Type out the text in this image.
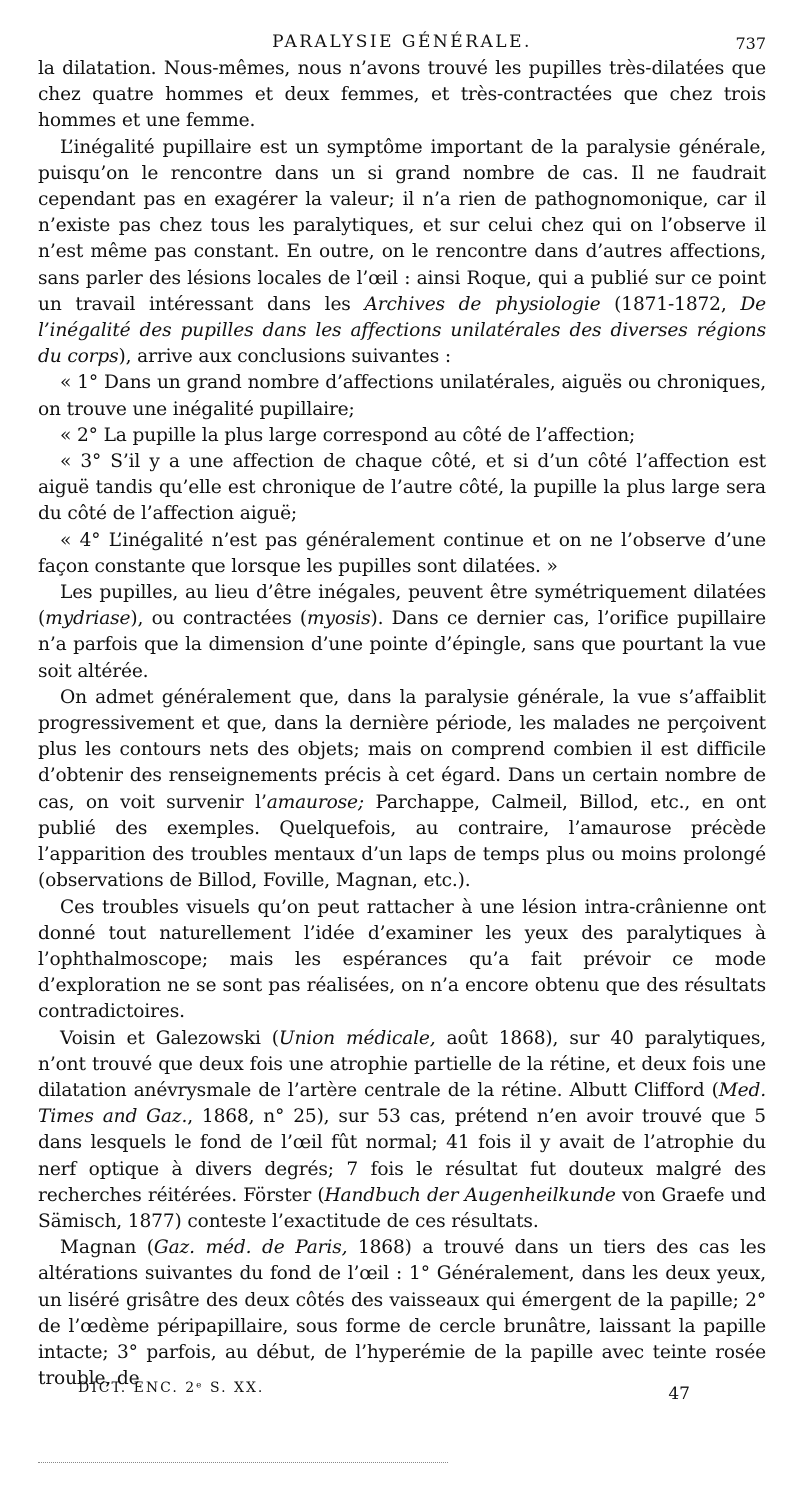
PARALYSIE GÉNÉRALE.	737

la dilatation. Nous-mêmes, nous n’avons trouvé les pupilles très-dilatées que chez quatre hommes et deux femmes, et très-contractées que chez trois hommes et une femme.

L’inégalité pupillaire est un symptôme important de la paralysie générale, puisqu’on le rencontre dans un si grand nombre de cas. Il ne faudrait cependant pas en exagérer la valeur; il n’a rien de pathognomonique, car il n’existe pas chez tous les paralytiques, et sur celui chez qui on l’observe il n’est même pas constant. En outre, on le rencontre dans d’autres affections, sans parler des lésions locales de l’œil : ainsi Roque, qui a publié sur ce point un travail intéressant dans les Archives de physiologie (1871-1872, De l’inégalité des pupilles dans les affections unilatérales des diverses régions du corps), arrive aux conclusions suivantes :

« 1° Dans un grand nombre d’affections unilatérales, aiguës ou chroniques, on trouve une inégalité pupillaire;

« 2° La pupille la plus large correspond au côté de l’affection;

« 3° S’il y a une affection de chaque côté, et si d’un côté l’affection est aiguë tandis qu’elle est chronique de l’autre côté, la pupille la plus large sera du côté de l’affection aiguë;

« 4° L’inégalité n’est pas généralement continue et on ne l’observe d’une façon constante que lorsque les pupilles sont dilatées. »

Les pupilles, au lieu d’être inégales, peuvent être symétriquement dilatées (mydriase), ou contractées (myosis). Dans ce dernier cas, l’orifice pupillaire n’a parfois que la dimension d’une pointe d’épingle, sans que pourtant la vue soit altérée.

On admet généralement que, dans la paralysie générale, la vue s’affaiblit progressivement et que, dans la dernière période, les malades ne perçoivent plus les contours nets des objets; mais on comprend combien il est difficile d’obtenir des renseignements précis à cet égard. Dans un certain nombre de cas, on voit survenir l’amaurose; Parchappe, Calmeil, Billod, etc., en ont publié des exemples. Quelquefois, au contraire, l’amaurose précède l’apparition des troubles mentaux d’un laps de temps plus ou moins prolongé (observations de Billod, Foville, Magnan, etc.).

Ces troubles visuels qu’on peut rattacher à une lésion intra-crânienne ont donné tout naturellement l’idée d’examiner les yeux des paralytiques à l’ophthalmoscope; mais les espérances qu’a fait prévoir ce mode d’exploration ne se sont pas réalisées, on n’a encore obtenu que des résultats contradictoires.

Voisin et Galezowski (Union médicale, août 1868), sur 40 paralytiques, n’ont trouvé que deux fois une atrophie partielle de la rétine, et deux fois une dilatation anévrysmale de l’artère centrale de la rétine. Albutt Clifford (Med. Times and Gaz., 1868, n° 25), sur 53 cas, prétend n’en avoir trouvé que 5 dans lesquels le fond de l’œil fût normal; 41 fois il y avait de l’atrophie du nerf optique à divers degrés; 7 fois le résultat fut douteux malgré des recherches réitérées. Förster (Handbuch der Augenheilkunde von Graefe und Sämisch, 1877) conteste l’exactitude de ces résultats.

Magnan (Gaz. méd. de Paris, 1868) a trouvé dans un tiers des cas les altérations suivantes du fond de l’œil : 1° Généralement, dans les deux yeux, un liséré grisâtre des deux côtés des vaisseaux qui émergent de la papille; 2° de l’œdème péripapillaire, sous forme de cercle brunâtre, laissant la papille intacte; 3° parfois, au début, de l’hyperémie de la papille avec teinte rosée trouble, de

DICT. ENC. 2ᵉ S. XX.	47
